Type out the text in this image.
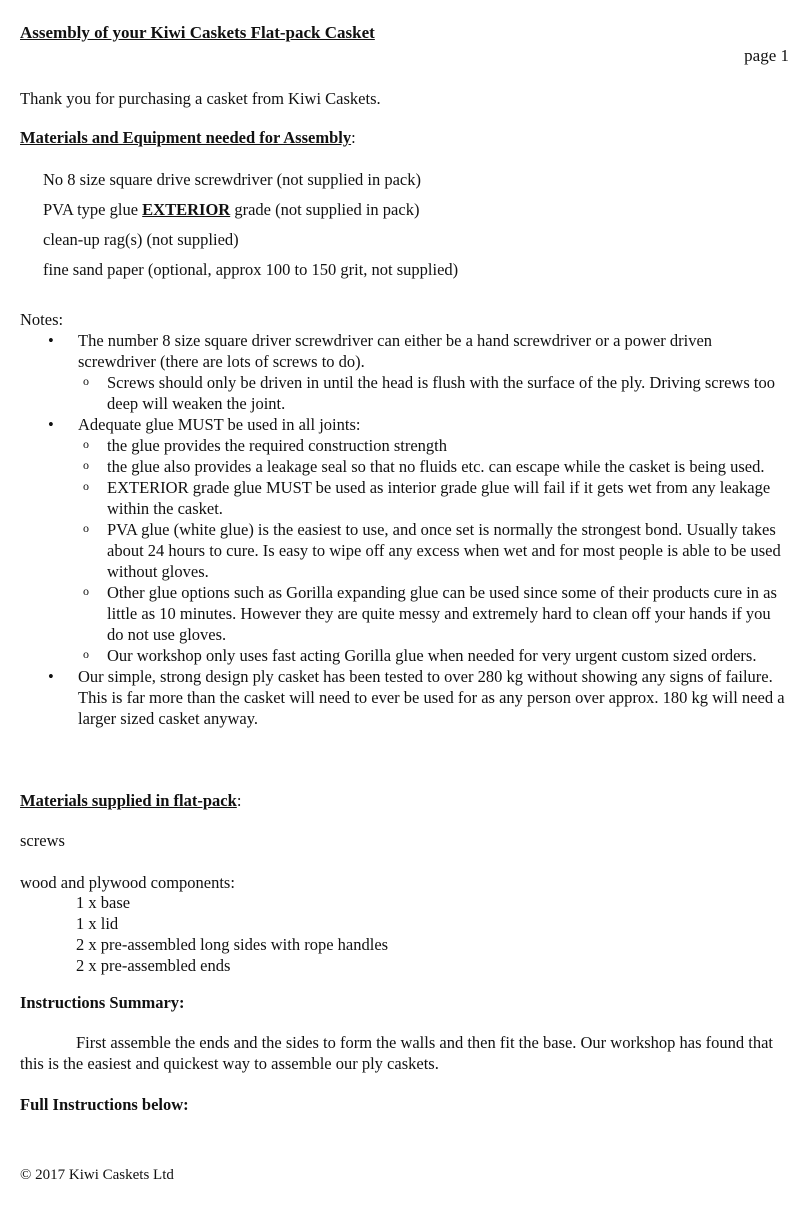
Assembly of your Kiwi Caskets Flat-pack Casket
page 1
Thank you for purchasing a casket from Kiwi Caskets.
Materials and Equipment needed for Assembly:
No 8 size square drive screwdriver (not supplied in pack)
PVA type glue EXTERIOR grade (not supplied in pack)
clean-up rag(s) (not supplied)
fine sand paper (optional, approx 100 to 150 grit, not supplied)
Notes:
• The number 8 size square driver screwdriver can either be a hand screwdriver or a power driven screwdriver (there are lots of screws to do).
o Screws should only be driven in until the head is flush with the surface of the ply. Driving screws too deep will weaken the joint.
• Adequate glue MUST be used in all joints:
o the glue provides the required construction strength
o the glue also provides a leakage seal so that no fluids etc. can escape while the casket is being used.
o EXTERIOR grade glue MUST be used as interior grade glue will fail if it gets wet from any leakage within the casket.
o PVA glue (white glue) is the easiest to use, and once set is normally the strongest bond. Usually takes about 24 hours to cure. Is easy to wipe off any excess when wet and for most people is able to be used without gloves.
o Other glue options such as Gorilla expanding glue can be used since some of their products cure in as little as 10 minutes. However they are quite messy and extremely hard to clean off your hands if you do not use gloves.
o Our workshop only uses fast acting Gorilla glue when needed for very urgent custom sized orders.
• Our simple, strong design ply casket has been tested to over 280 kg without showing any signs of failure. This is far more than the casket will need to ever be used for as any person over approx. 180 kg will need a larger sized casket anyway.
Materials supplied in flat-pack:
screws
wood and plywood components:
1 x base
1 x lid
2 x pre-assembled long sides with rope handles
2 x pre-assembled ends
Instructions Summary:
First assemble the ends and the sides to form the walls and then fit the base. Our workshop has found that this is the easiest and quickest way to assemble our ply caskets.
Full Instructions below:
© 2017 Kiwi Caskets Ltd
